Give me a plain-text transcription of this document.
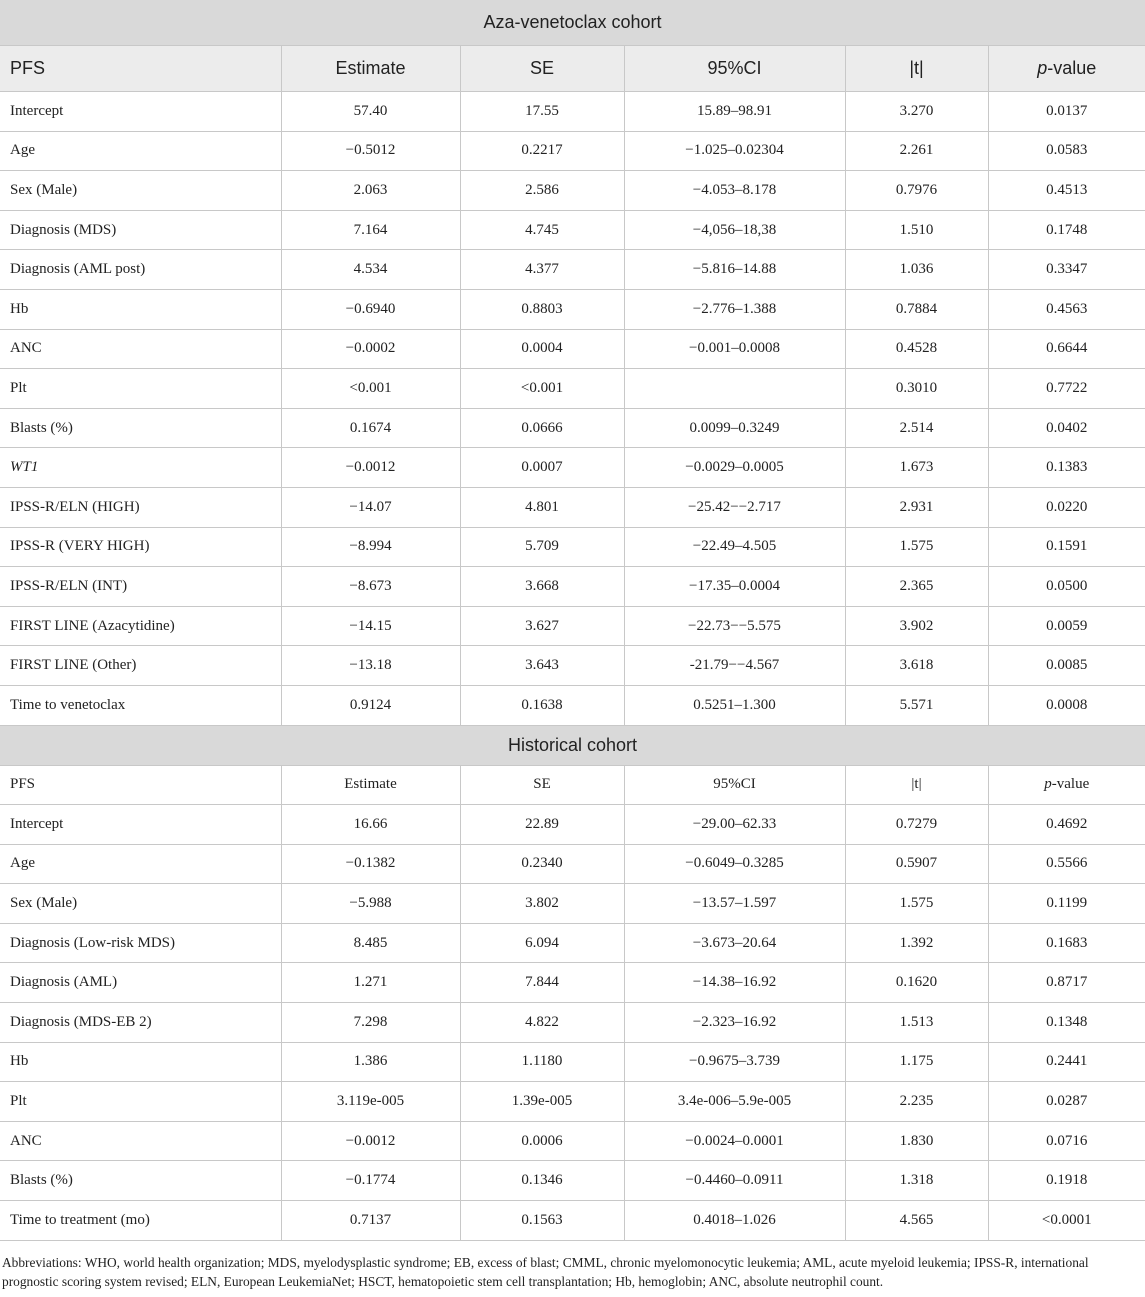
Aza-venetoclax cohort					
PFS	Estimate	SE	95%CI	|t|	p-value
Intercept	57.40	17.55	15.89–98.91	3.270	0.0137
Age	−0.5012	0.2217	−1.025–0.02304	2.261	0.0583
Sex (Male)	2.063	2.586	−4.053–8.178	0.7976	0.4513
Diagnosis (MDS)	7.164	4.745	−4,056–18,38	1.510	0.1748
Diagnosis (AML post)	4.534	4.377	−5.816–14.88	1.036	0.3347
Hb	−0.6940	0.8803	−2.776–1.388	0.7884	0.4563
ANC	−0.0002	0.0004	−0.001–0.0008	0.4528	0.6644
Plt	<0.001	<0.001		0.3010	0.7722
Blasts (%)	0.1674	0.0666	0.0099–0.3249	2.514	0.0402
WT1	−0.0012	0.0007	−0.0029–0.0005	1.673	0.1383
IPSS-R/ELN (HIGH)	−14.07	4.801	−25.42−−2.717	2.931	0.0220
IPSS-R (VERY HIGH)	−8.994	5.709	−22.49–4.505	1.575	0.1591
IPSS-R/ELN (INT)	−8.673	3.668	−17.35–0.0004	2.365	0.0500
FIRST LINE (Azacytidine)	−14.15	3.627	−22.73−−5.575	3.902	0.0059
FIRST LINE (Other)	−13.18	3.643	-21.79−−4.567	3.618	0.0085
Time to venetoclax	0.9124	0.1638	0.5251–1.300	5.571	0.0008
Historical cohort					
PFS	Estimate	SE	95%CI	|t|	p-value
Intercept	16.66	22.89	−29.00–62.33	0.7279	0.4692
Age	−0.1382	0.2340	−0.6049–0.3285	0.5907	0.5566
Sex (Male)	−5.988	3.802	−13.57–1.597	1.575	0.1199
Diagnosis (Low-risk MDS)	8.485	6.094	−3.673–20.64	1.392	0.1683
Diagnosis (AML)	1.271	7.844	−14.38–16.92	0.1620	0.8717
Diagnosis (MDS-EB 2)	7.298	4.822	−2.323–16.92	1.513	0.1348
Hb	1.386	1.1180	−0.9675–3.739	1.175	0.2441
Plt	3.119e-005	1.39e-005	3.4e-006–5.9e-005	2.235	0.0287
ANC	−0.0012	0.0006	−0.0024–0.0001	1.830	0.0716
Blasts (%)	−0.1774	0.1346	−0.4460–0.0911	1.318	0.1918
Time to treatment (mo)	0.7137	0.1563	0.4018–1.026	4.565	<0.0001
Abbreviations: WHO, world health organization; MDS, myelodysplastic syndrome; EB, excess of blast; CMML, chronic myelomonocytic leukemia; AML, acute myeloid leukemia; IPSS-R, international prognostic scoring system revised; ELN, European LeukemiaNet; HSCT, hematopoietic stem cell transplantation; Hb, hemoglobin; ANC, absolute neutrophil count.
